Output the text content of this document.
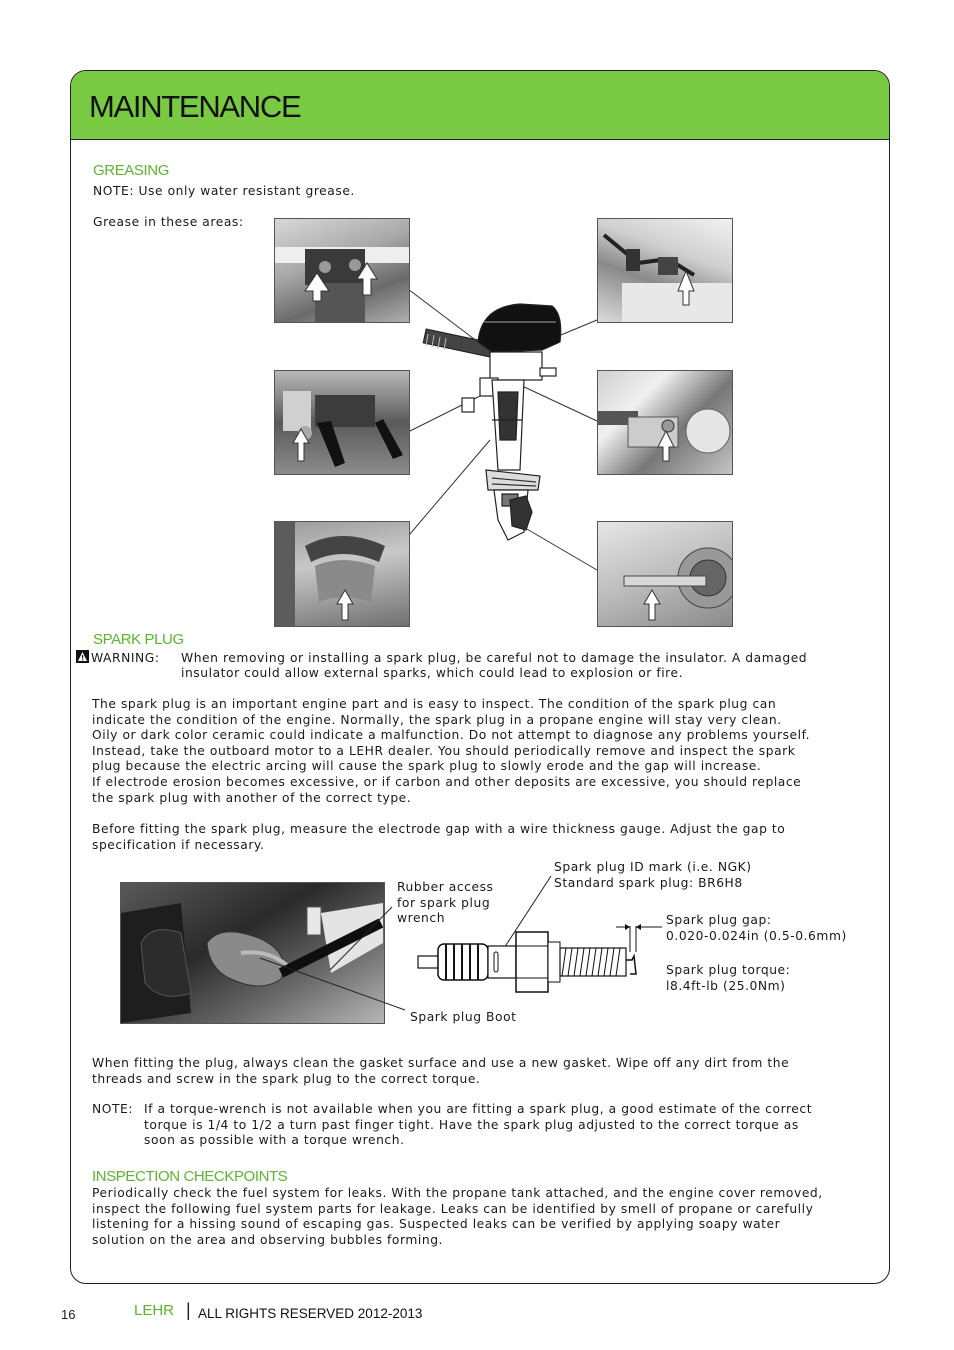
MAINTENANCE
GREASING
NOTE: Use only water resistant grease.
Grease in these areas:
SPARK PLUG
WARNING: When removing or installing a spark plug, be careful not to damage the insulator. A damaged
insulator could allow external sparks, which could lead to explosion or fire.
The spark plug is an important engine part and is easy to inspect. The condition of the spark plug can
indicate the condition of the engine. Normally, the spark plug in a propane engine will stay very clean.
Oily or dark color ceramic could indicate a malfunction. Do not attempt to diagnose any problems yourself.
Instead, take the outboard motor to a LEHR dealer. You should periodically remove and inspect the spark
plug because the electric arcing will cause the spark plug to slowly erode and the gap will increase.
If electrode erosion becomes excessive, or if carbon and other deposits are excessive, you should replace
the spark plug with another of the correct type.
Before fitting the spark plug, measure the electrode gap with a wire thickness gauge. Adjust the gap to
specification if necessary.
Rubber access
for spark plug
wrench
Spark plug ID mark (i.e. NGK)
Standard spark plug: BR6H8
Spark plug gap:
0.020-0.024in (0.5-0.6mm)
Spark plug torque:
l8.4ft-lb (25.0Nm)
Spark plug Boot
When fitting the plug, always clean the gasket surface and use a new gasket. Wipe off any dirt from the
threads and screw in the spark plug to the correct torque.
NOTE: If a torque-wrench is not available when you are fitting a spark plug, a good estimate of the correct
torque is 1/4 to 1/2 a turn past finger tight. Have the spark plug adjusted to the correct torque as
soon as possible with a torque wrench.
INSPECTION CHECKPOINTS
Periodically check the fuel system for leaks. With the propane tank attached, and the engine cover removed,
inspect the following fuel system parts for leakage. Leaks can be identified by smell of propane or carefully
listening for a hissing sound of escaping gas. Suspected leaks can be verified by applying soapy water
solution on the area and observing bubbles forming.
16	LEHR | ALL RIGHTS RESERVED 2012-2013
